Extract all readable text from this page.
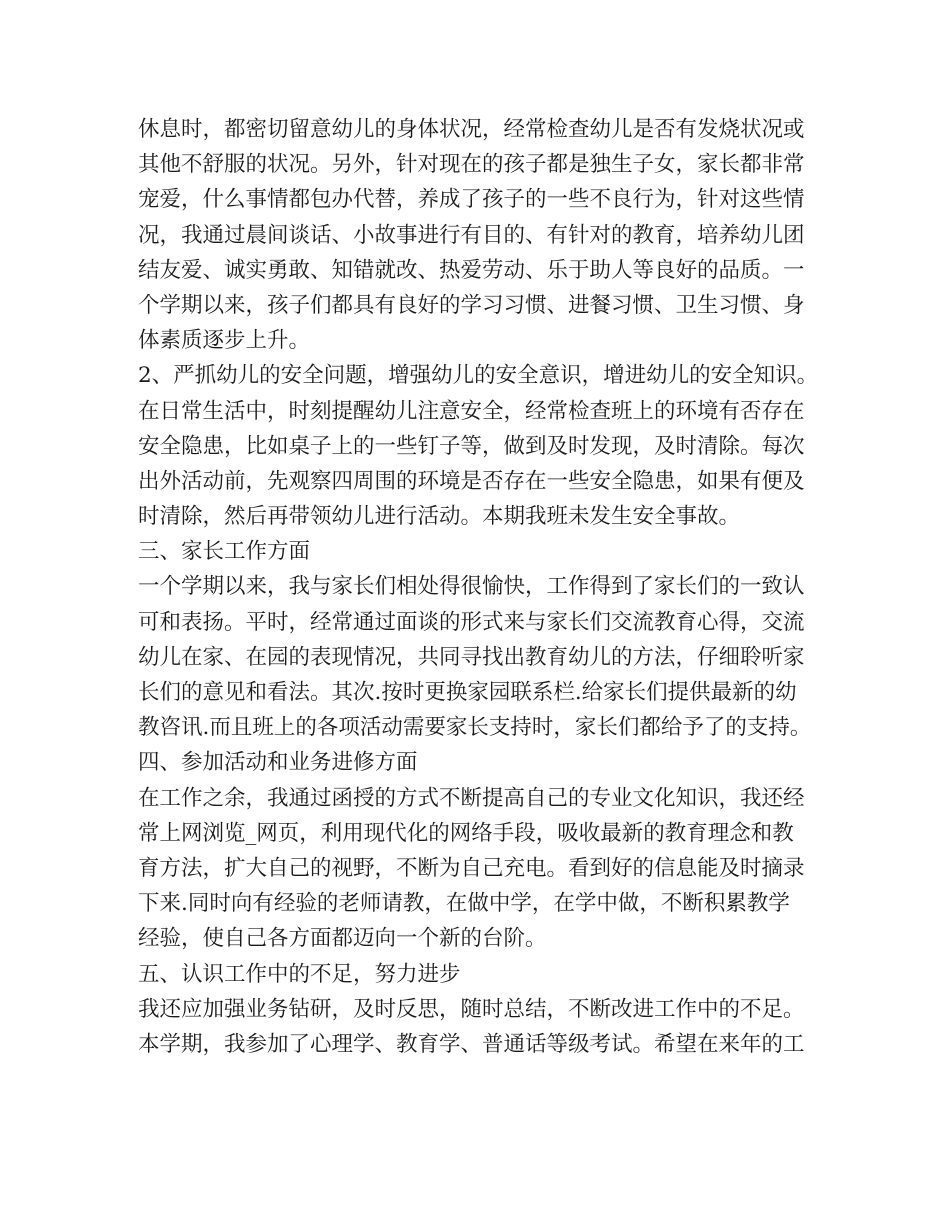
休息时，都密切留意幼儿的身体状况，经常检查幼儿是否有发烧状况或
其他不舒服的状况。另外，针对现在的孩子都是独生子女，家长都非常
宠爱，什么事情都包办代替，养成了孩子的一些不良行为，针对这些情
况，我通过晨间谈话、小故事进行有目的、有针对的教育，培养幼儿团
结友爱、诚实勇敢、知错就改、热爱劳动、乐于助人等良好的品质。一
个学期以来，孩子们都具有良好的学习习惯、进餐习惯、卫生习惯、身
体素质逐步上升。
2、严抓幼儿的安全问题，增强幼儿的安全意识，增进幼儿的安全知识。
在日常生活中，时刻提醒幼儿注意安全，经常检查班上的环境有否存在
安全隐患，比如桌子上的一些钉子等，做到及时发现，及时清除。每次
出外活动前，先观察四周围的环境是否存在一些安全隐患，如果有便及
时清除，然后再带领幼儿进行活动。本期我班未发生安全事故。
三、家长工作方面
一个学期以来，我与家长们相处得很愉快，工作得到了家长们的一致认
可和表扬。平时，经常通过面谈的形式来与家长们交流教育心得，交流
幼儿在家、在园的表现情况，共同寻找出教育幼儿的方法，仔细聆听家
长们的意见和看法。其次.按时更换家园联系栏.给家长们提供最新的幼
教咨讯.而且班上的各项活动需要家长支持时，家长们都给予了的支持。
四、参加活动和业务进修方面
在工作之余，我通过函授的方式不断提高自己的专业文化知识，我还经
常上网浏览_网页，利用现代化的网络手段，吸收最新的教育理念和教
育方法，扩大自己的视野，不断为自己充电。看到好的信息能及时摘录
下来.同时向有经验的老师请教，在做中学，在学中做，不断积累教学
经验，使自己各方面都迈向一个新的台阶。
五、认识工作中的不足，努力进步
我还应加强业务钻研，及时反思，随时总结，不断改进工作中的不足。
本学期，我参加了心理学、教育学、普通话等级考试。希望在来年的工
